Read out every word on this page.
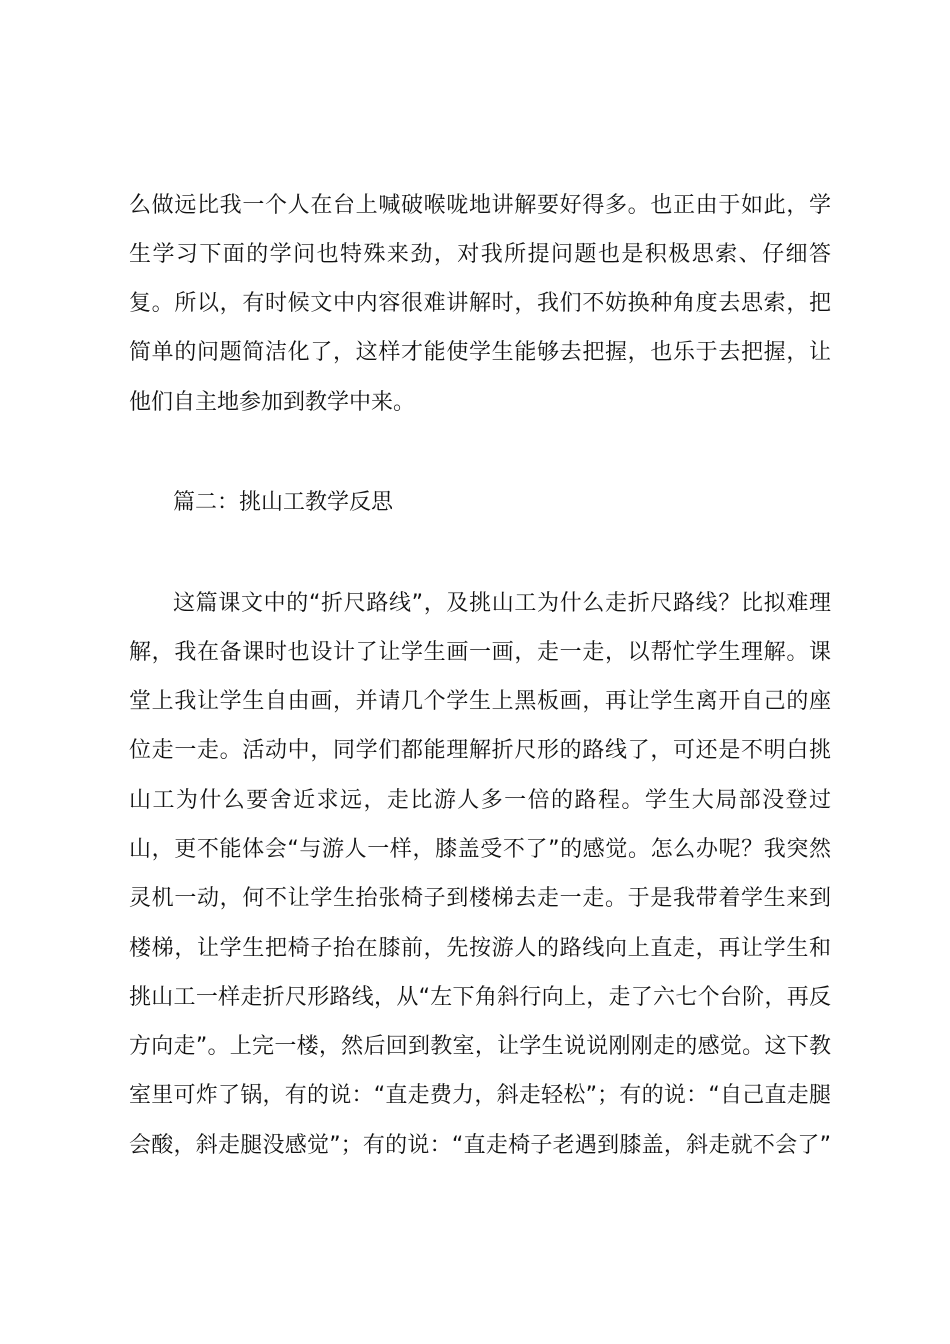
么做远比我一个人在台上喊破喉咙地讲解要好得多。也正由于如此，学
生学习下面的学问也特殊来劲，对我所提问题也是积极思索、仔细答
复。所以，有时候文中内容很难讲解时，我们不妨换种角度去思索，把
简单的问题简洁化了，这样才能使学生能够去把握，也乐于去把握，让
他们自主地参加到教学中来。
篇二：挑山工教学反思
这篇课文中的“折尺路线”，及挑山工为什么走折尺路线？比拟难理
解，我在备课时也设计了让学生画一画，走一走，以帮忙学生理解。课
堂上我让学生自由画，并请几个学生上黑板画，再让学生离开自己的座
位走一走。活动中，同学们都能理解折尺形的路线了，可还是不明白挑
山工为什么要舍近求远，走比游人多一倍的路程。学生大局部没登过
山，更不能体会“与游人一样，膝盖受不了”的感觉。怎么办呢？我突然
灵机一动，何不让学生抬张椅子到楼梯去走一走。于是我带着学生来到
楼梯，让学生把椅子抬在膝前，先按游人的路线向上直走，再让学生和
挑山工一样走折尺形路线，从“左下角斜行向上，走了六七个台阶，再反
方向走”。上完一楼，然后回到教室，让学生说说刚刚走的感觉。这下教
室里可炸了锅，有的说：“直走费力，斜走轻松”；有的说：“自己直走腿
会酸，斜走腿没感觉”；有的说：“直走椅子老遇到膝盖，斜走就不会了”
